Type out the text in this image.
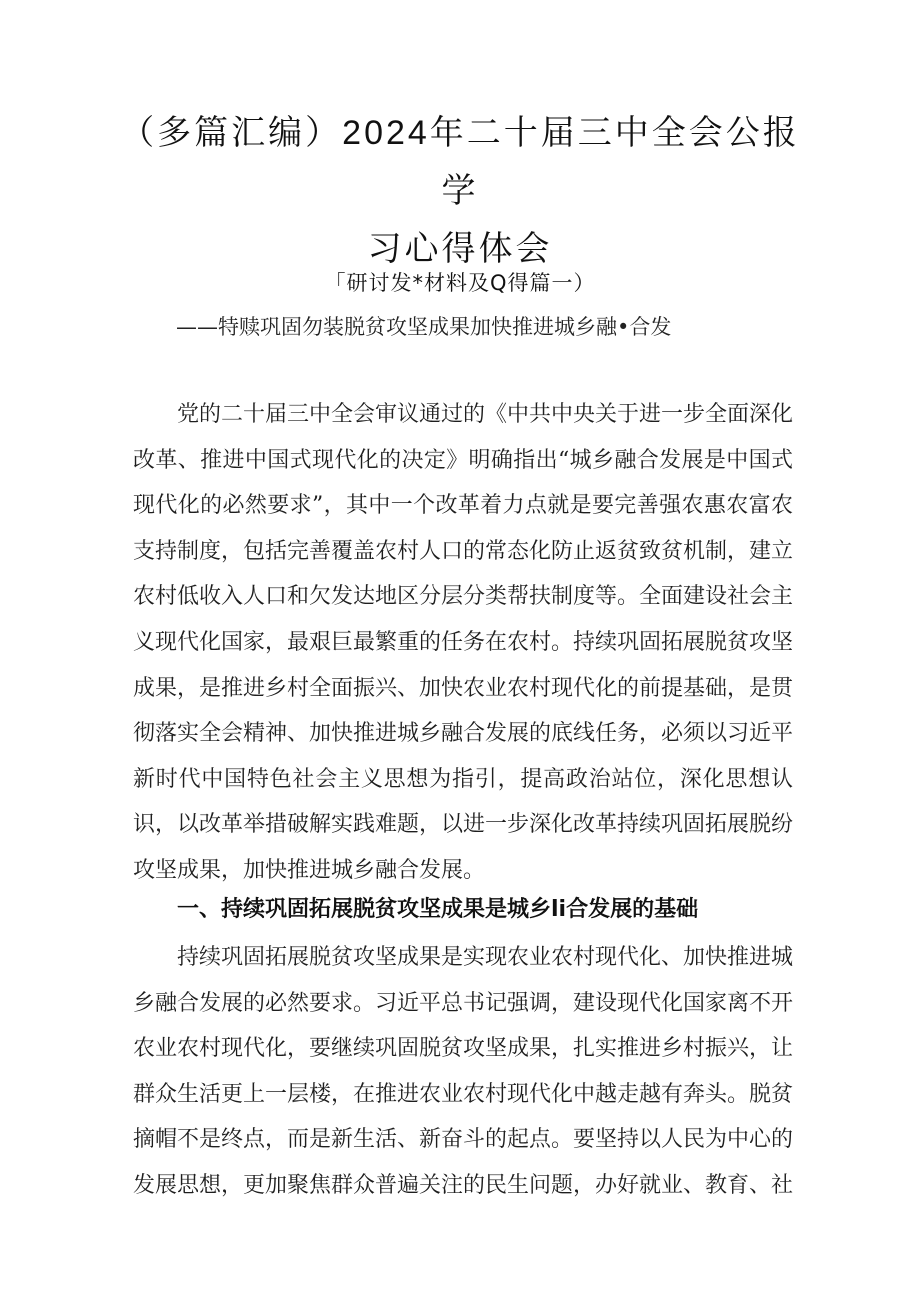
（多篇汇编）2024年二十届三中全会公报学
习心得体会
「研讨发*材料及Q得篇一）
——特赎巩固勿装脱贫攻坚成果加快推进城乡融•合发

党的二十届三中全会审议通过的《中共中央关于进一步全面深化改革、推进中国式现代化的决定》明确指出“城乡融合发展是中国式现代化的必然要求”，其中一个改革着力点就是要完善强农惠农富农支持制度，包括完善覆盖农村人口的常态化防止返贫致贫机制，建立农村低收入人口和欠发达地区分层分类帮扶制度等。全面建设社会主义现代化国家，最艰巨最繁重的任务在农村。持续巩固拓展脱贫攻坚成果，是推进乡村全面振兴、加快农业农村现代化的前提基础，是贯彻落实全会精神、加快推进城乡融合发展的底线任务，必须以习近平新时代中国特色社会主义思想为指引，提高政治站位，深化思想认识，以改革举措破解实践难题，以进一步深化改革持续巩固拓展脱纷攻坚成果，加快推进城乡融合发展。

一、持续巩固拓展脱贫攻坚成果是城乡li合发展的基础

持续巩固拓展脱贫攻坚成果是实现农业农村现代化、加快推进城乡融合发展的必然要求。习近平总书记强调，建设现代化国家离不开农业农村现代化，要继续巩固脱贫攻坚成果，扎实推进乡村振兴，让群众生活更上一层楼，在推进农业农村现代化中越走越有奔头。脱贫摘帽不是终点，而是新生活、新奋斗的起点。要坚持以人民为中心的发展思想，更加聚焦群众普遍关注的民生问题，办好就业、教育、社
